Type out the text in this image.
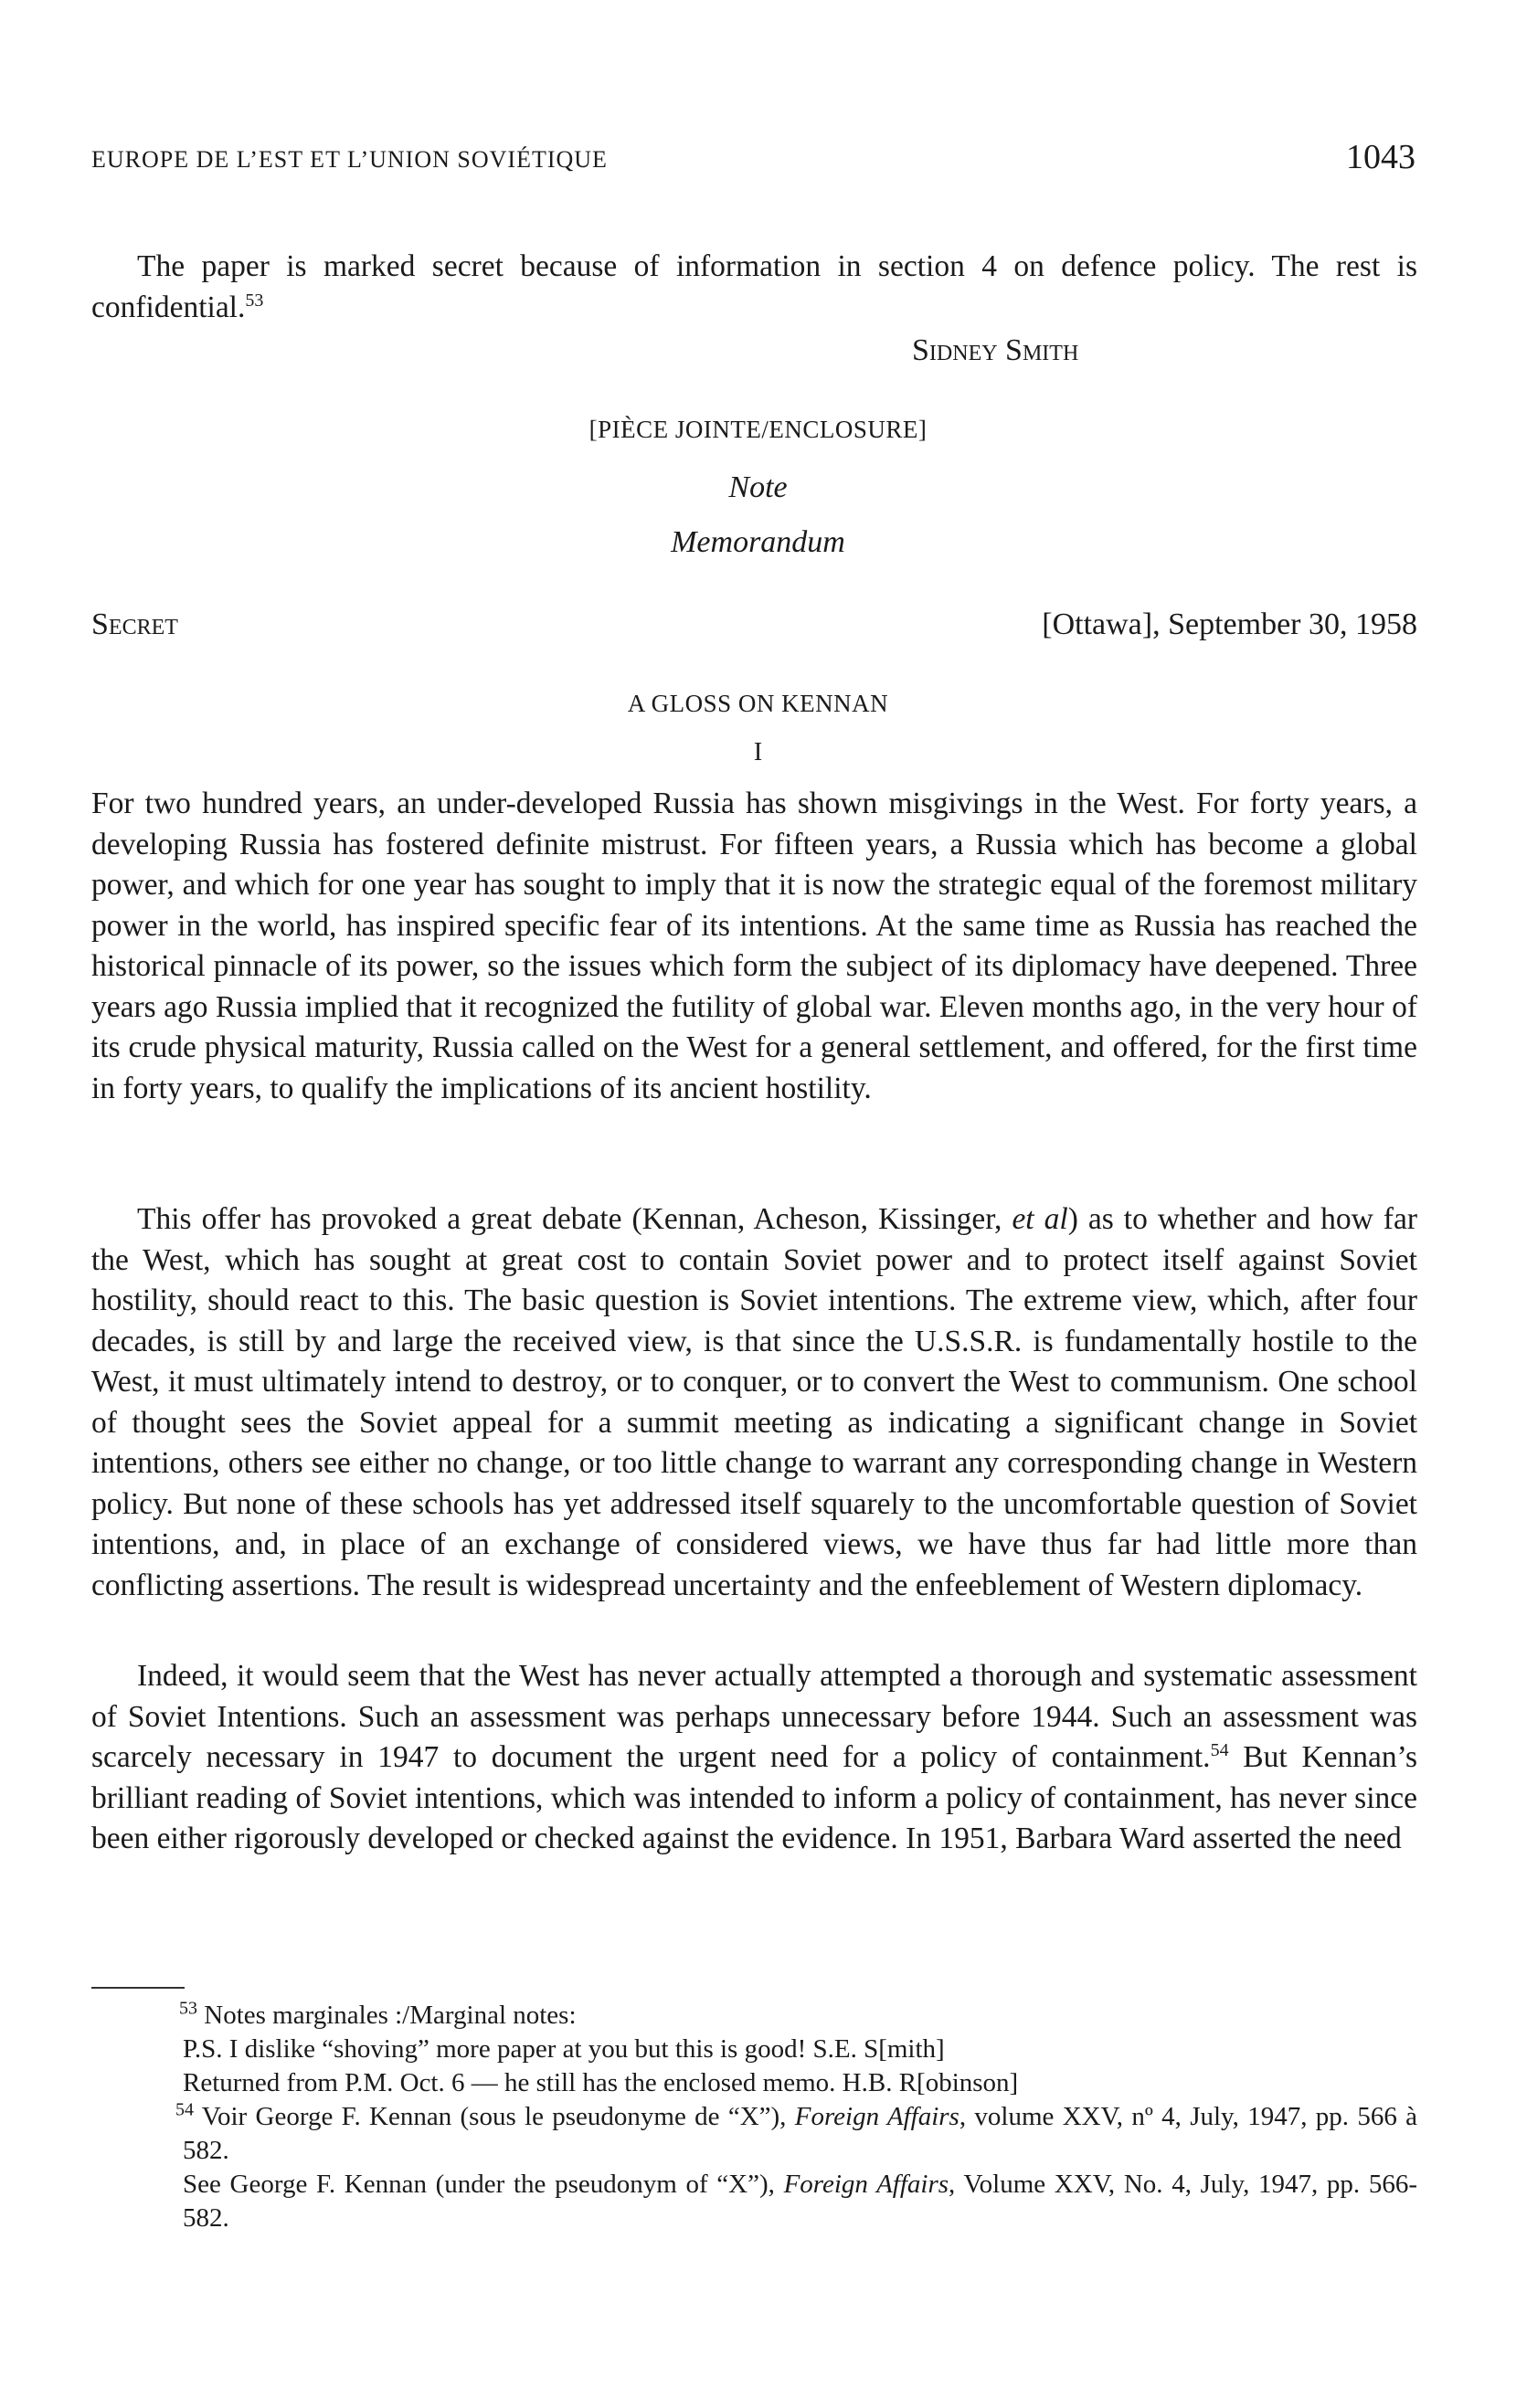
EUROPE DE L’EST ET L’UNION SOVIÉTIQUE	1043

The paper is marked secret because of information in section 4 on defence policy. The rest is confidential.$^{53}$

Sidney Smith
[PIÈCE JOINTE/ENCLOSURE]
Note
Memorandum
Secret	[Ottawa], September 30, 1958
A GLOSS ON KENNAN
I

For two hundred years, an under-developed Russia has shown misgivings in the West. For forty years, a developing Russia has fostered definite mistrust. For fifteen years, a Russia which has become a global power, and which for one year has sought to imply that it is now the strategic equal of the foremost military power in the world, has inspired specific fear of its intentions. At the same time as Russia has reached the historical pinnacle of its power, so the issues which form the subject of its diplomacy have deepened. Three years ago Russia implied that it recognized the futility of global war. Eleven months ago, in the very hour of its crude physical maturity, Russia called on the West for a general settlement, and offered, for the first time in forty years, to qualify the implications of its ancient hostility.

This offer has provoked a great debate (Kennan, Acheson, Kissinger, et al) as to whether and how far the West, which has sought at great cost to contain Soviet power and to protect itself against Soviet hostility, should react to this. The basic question is Soviet intentions. The extreme view, which, after four decades, is still by and large the received view, is that since the U.S.S.R. is fundamentally hostile to the West, it must ultimately intend to destroy, or to conquer, or to convert the West to communism. One school of thought sees the Soviet appeal for a summit meeting as indicating a significant change in Soviet intentions, others see either no change, or too little change to warrant any corresponding change in Western policy. But none of these schools has yet addressed itself squarely to the uncomfortable question of Soviet intentions, and, in place of an exchange of considered views, we have thus far had little more than conflicting assertions. The result is widespread uncertainty and the enfeeblement of Western diplomacy.

Indeed, it would seem that the West has never actually attempted a thorough and systematic assessment of Soviet Intentions. Such an assessment was perhaps unnecessary before 1944. Such an assessment was scarcely necessary in 1947 to document the urgent need for a policy of containment.$^{54}$ But Kennan’s brilliant reading of Soviet intentions, which was intended to inform a policy of containment, has never since been either rigorously developed or checked against the evidence. In 1951, Barbara Ward asserted the need

$^{53}$ Notes marginales :/Marginal notes:

P.S. I dislike “shoving” more paper at you but this is good! S.E. S[mith]

Returned from P.M. Oct. 6 — he still has the enclosed memo. H.B. R[obinson]

$^{54}$ Voir George F. Kennan (sous le pseudonyme de “X”), Foreign Affairs, volume XXV, nº 4, July, 1947, pp. 566 à 582.

See George F. Kennan (under the pseudonym of “X”), Foreign Affairs, Volume XXV, No. 4, July, 1947, pp. 566-582.
